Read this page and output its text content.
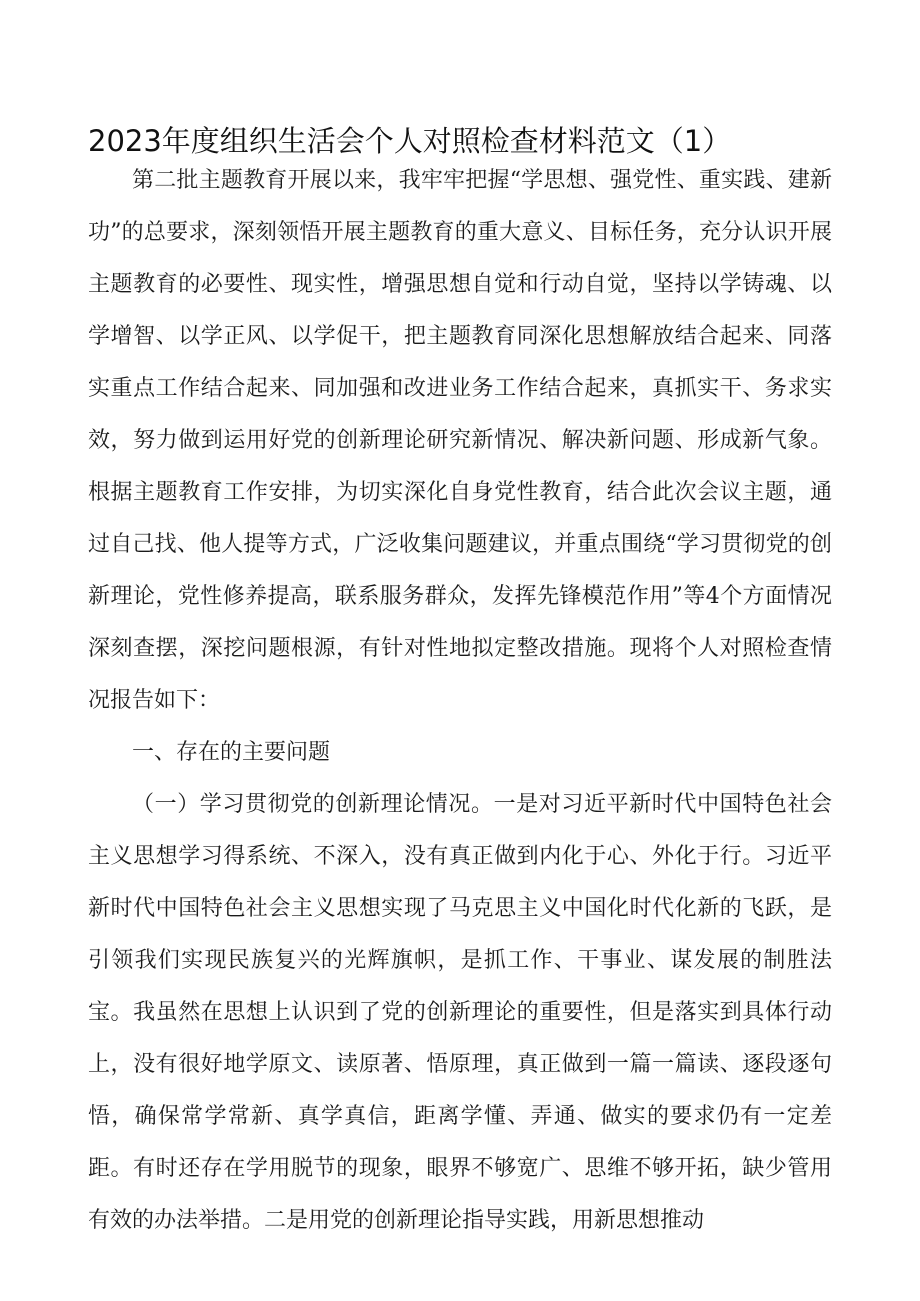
2023年度组织生活会个人对照检查材料范文（1）

第二批主题教育开展以来，我牢牢把握“学思想、强党性、重实践、建新功”的总要求，深刻领悟开展主题教育的重大意义、目标任务，充分认识开展主题教育的必要性、现实性，增强思想自觉和行动自觉，坚持以学铸魂、以学增智、以学正风、以学促干，把主题教育同深化思想解放结合起来、同落实重点工作结合起来、同加强和改进业务工作结合起来，真抓实干、务求实效，努力做到运用好党的创新理论研究新情况、解决新问题、形成新气象。根据主题教育工作安排，为切实深化自身党性教育，结合此次会议主题，通过自己找、他人提等方式，广泛收集问题建议，并重点围绕“学习贯彻党的创新理论，党性修养提高，联系服务群众，发挥先锋模范作用”等4个方面情况深刻查摆，深挖问题根源，有针对性地拟定整改措施。现将个人对照检查情况报告如下：

一、存在的主要问题

（一）学习贯彻党的创新理论情况。一是对习近平新时代中国特色社会主义思想学习得系统、不深入，没有真正做到内化于心、外化于行。习近平新时代中国特色社会主义思想实现了马克思主义中国化时代化新的飞跃，是引领我们实现民族复兴的光辉旗帜，是抓工作、干事业、谋发展的制胜法宝。我虽然在思想上认识到了党的创新理论的重要性，但是落实到具体行动上，没有很好地学原文、读原著、悟原理，真正做到一篇一篇读、逐段逐句悟，确保常学常新、真学真信，距离学懂、弄通、做实的要求仍有一定差距。有时还存在学用脱节的现象，眼界不够宽广、思维不够开拓，缺少管用有效的办法举措。二是用党的创新理论指导实践，用新思想推动
